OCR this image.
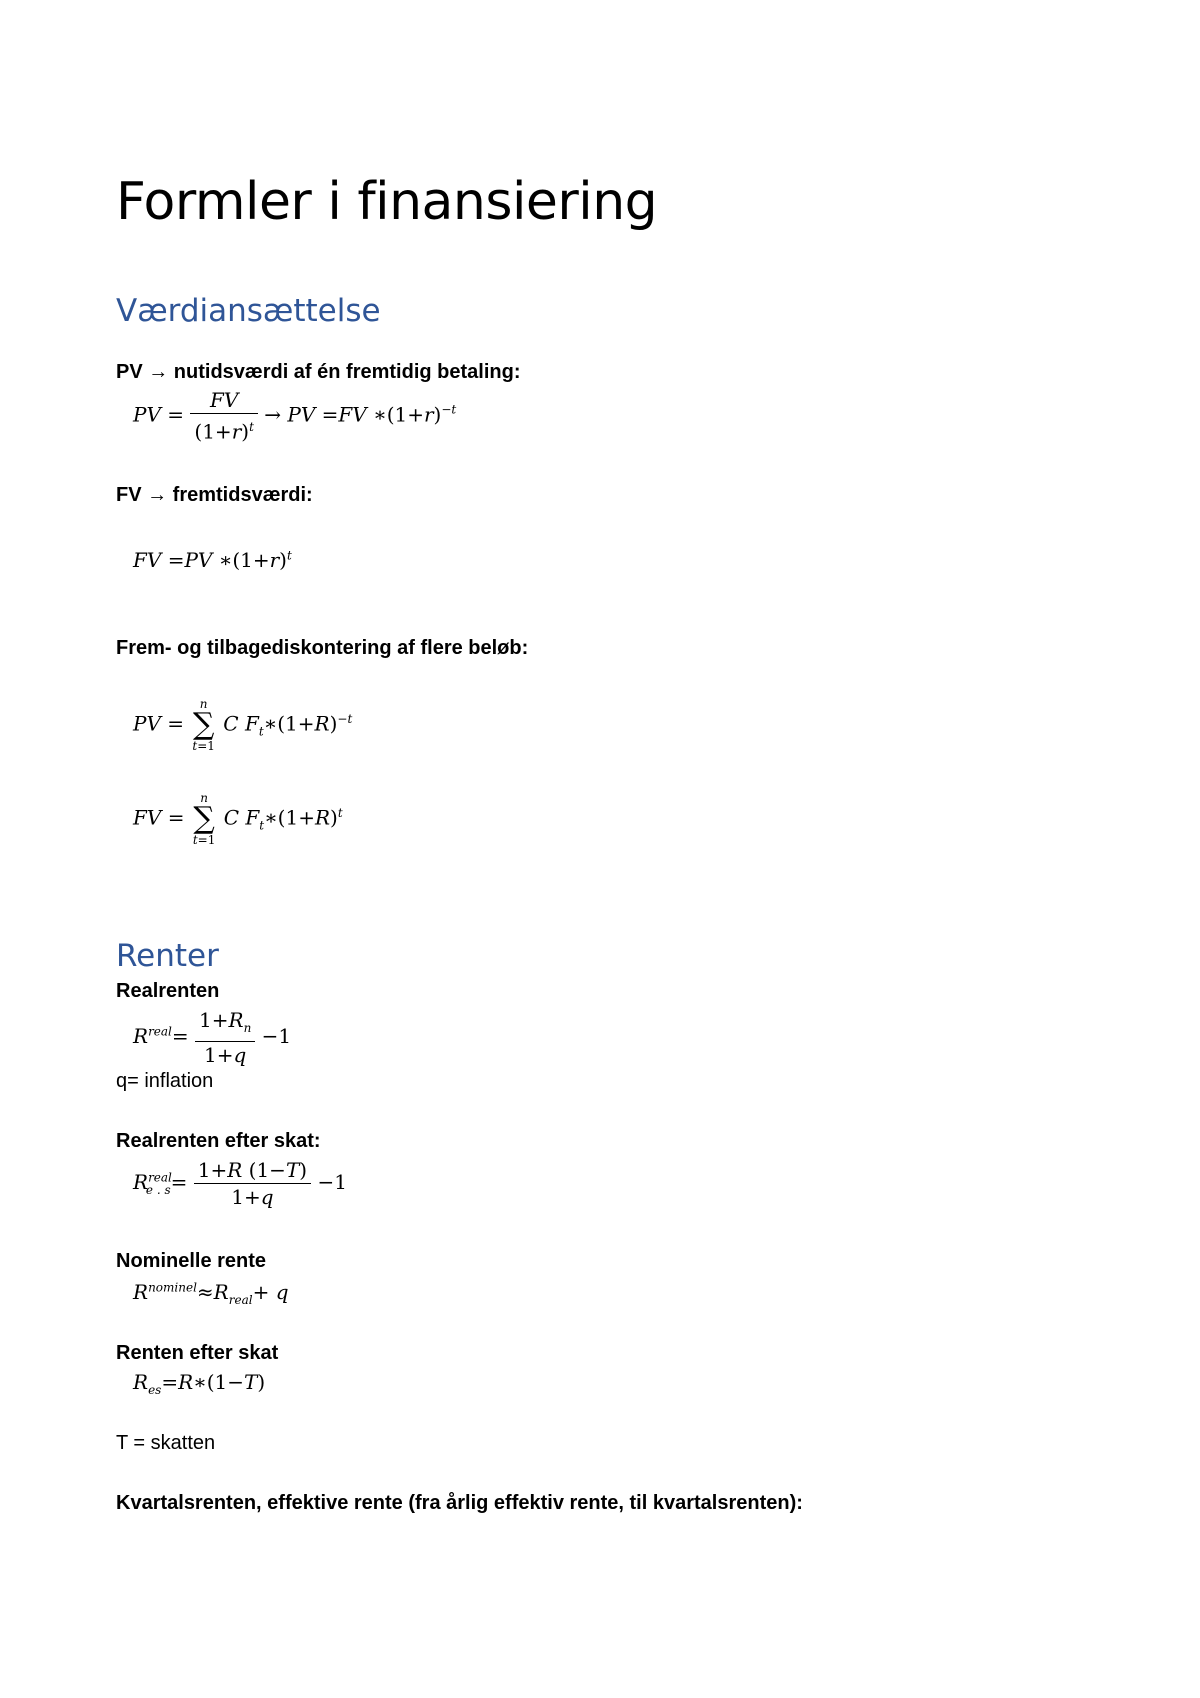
Formler i finansiering
Værdiansættelse
PV → nutidsværdi af én fremtidig betaling:
PV = $\frac{FV}{(1+r)^t}$ → PV =FV $∗(1+r)^{-t}$
FV → fremtidsværdi:
FV =PV $∗(1+r)^t$
Frem- og tilbagediskontering af flere beløb:
PV =
n
∑
t=1
C $F_t∗(1+R)^{-t}$
FV =
n
∑
t=1
C $F_t∗(1+R)^t$
Renter
Realrenten
$R^{real}= \frac{1+R_n}{1+q} -1$
q= inflation
Realrenten efter skat:
$R^{real}_{e . s}= \frac{1+R (1-T)}{1+q} -1$
Nominelle rente
$R^{nominel}\approx R_{real}+ q$
Renten efter skat
$R_{es}=R∗(1-T)$
T = skatten
Kvartalsrenten, effektive rente (fra årlig effektiv rente, til kvartalsrenten):
